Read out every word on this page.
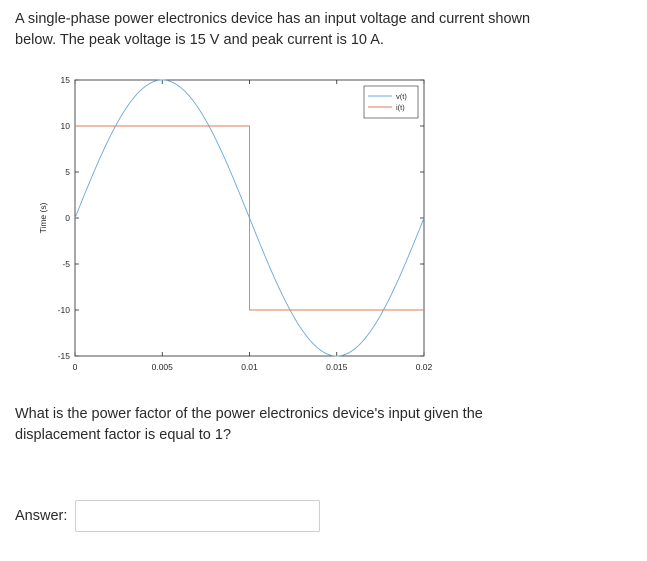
A single-phase power electronics device has an input voltage and current shown below. The peak voltage is 15 V and peak current is 10 A.

15
10
5
0
-5
-10
-15
0	0.005	0.01	0.015	0.02
Time (s)
v(t)
i(t)

What is the power factor of the power electronics device's input given the displacement factor is equal to 1?

Answer:
